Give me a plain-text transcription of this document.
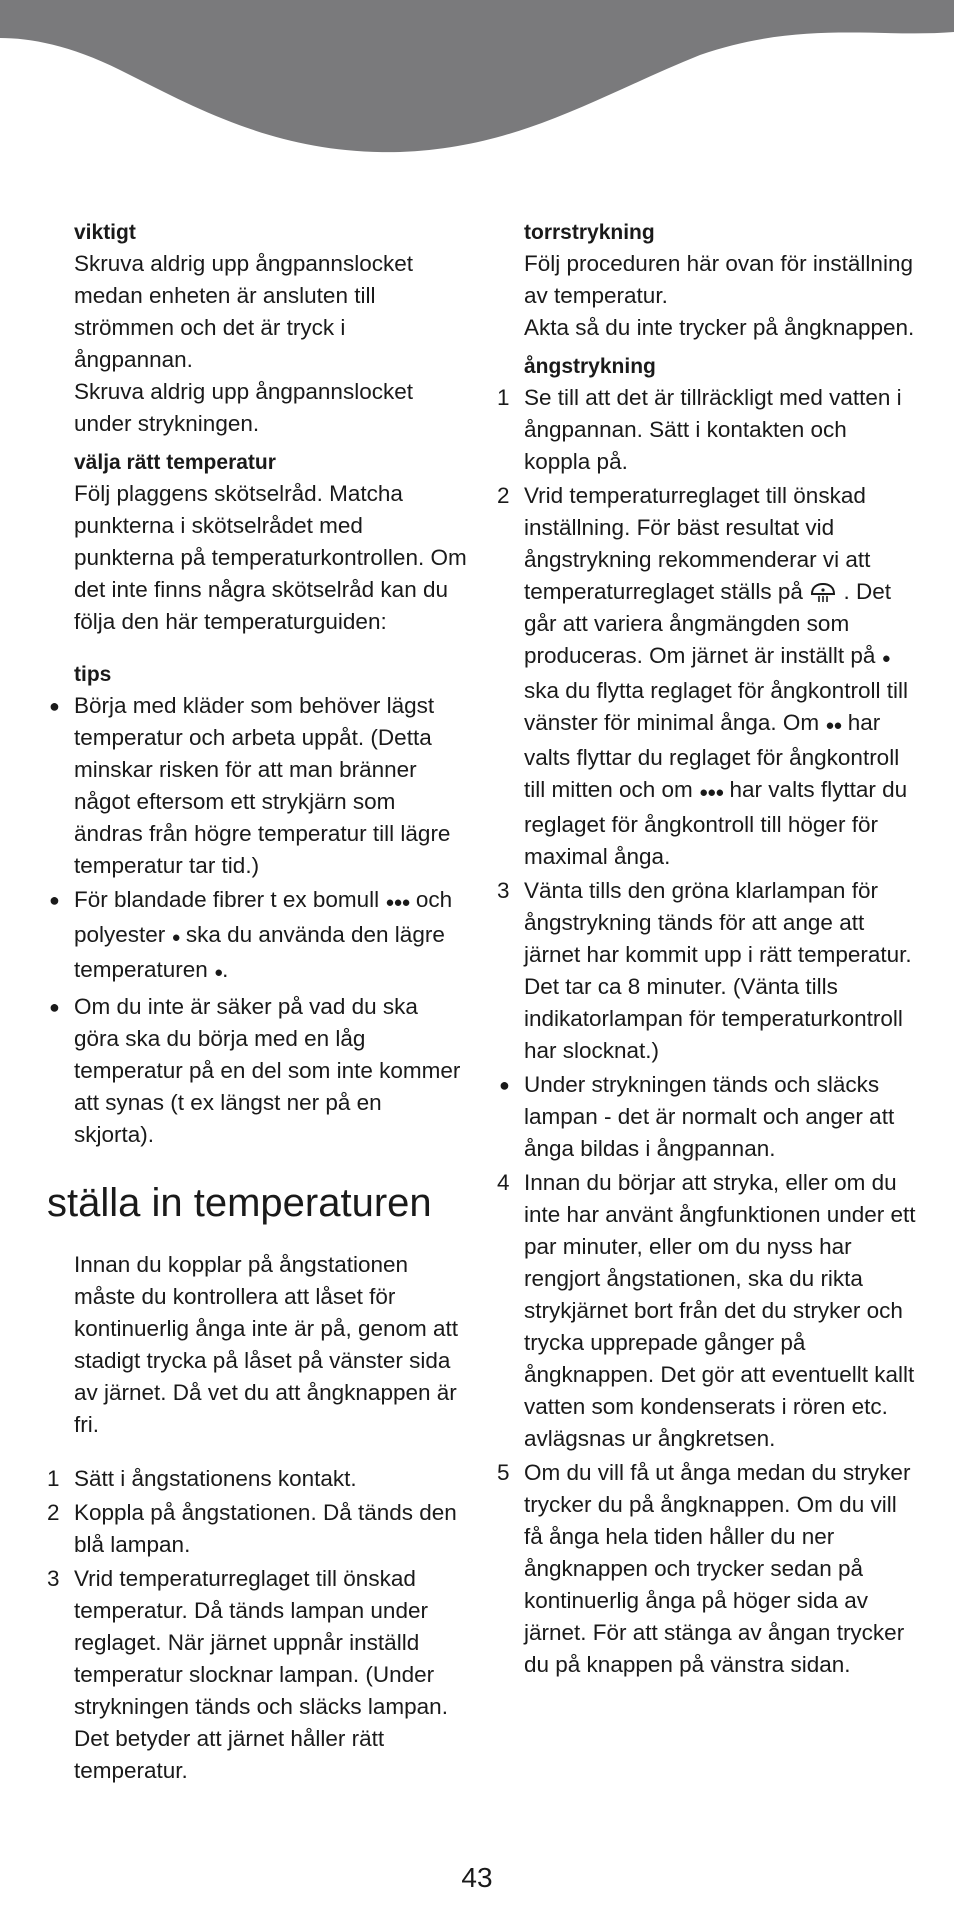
viktigt
Skruva aldrig upp ångpannslocket medan enheten är ansluten till strömmen och det är tryck i ångpannan.
Skruva aldrig upp ångpannslocket under strykningen.
välja rätt temperatur
Följ plaggens skötselråd. Matcha punkterna i skötselrådet med punkterna på temperaturkontrollen. Om det inte finns några skötselråd kan du följa den här temperaturguiden:
tips
● Börja med kläder som behöver lägst temperatur och arbeta uppåt. (Detta minskar risken för att man bränner något eftersom ett strykjärn som ändras från högre temperatur till lägre temperatur tar tid.)
● För blandade fibrer t ex bomull ●●● och polyester ● ska du använda den lägre temperaturen ●.
● Om du inte är säker på vad du ska göra ska du börja med en låg temperatur på en del som inte kommer att synas (t ex längst ner på en skjorta).
ställa in temperaturen
Innan du kopplar på ångstationen måste du kontrollera att låset för kontinuerlig ånga inte är på, genom att stadigt trycka på låset på vänster sida av järnet. Då vet du att ångknappen är fri.
1 Sätt i ångstationens kontakt.
2 Koppla på ångstationen. Då tänds den blå lampan.
3 Vrid temperaturreglaget till önskad temperatur. Då tänds lampan under reglaget. När järnet uppnår inställd temperatur slocknar lampan. (Under strykningen tänds och släcks lampan. Det betyder att järnet håller rätt temperatur.
torrstrykning
Följ proceduren här ovan för inställning av temperatur.
Akta så du inte trycker på ångknappen.
ångstrykning
1 Se till att det är tillräckligt med vatten i ångpannan. Sätt i kontakten och koppla på.
2 Vrid temperaturreglaget till önskad inställning. För bäst resultat vid ångstrykning rekommenderar vi att temperaturreglaget ställs på . Det går att variera ångmängden som produceras. Om järnet är inställt på ● ska du flytta reglaget för ångkontroll till vänster för minimal ånga. Om ●● har valts flyttar du reglaget för ångkontroll till mitten och om ●●● har valts flyttar du reglaget för ångkontroll till höger för maximal ånga.
3 Vänta tills den gröna klarlampan för ångstrykning tänds för att ange att järnet har kommit upp i rätt temperatur. Det tar ca 8 minuter. (Vänta tills indikatorlampan för temperaturkontroll har slocknat.)
● Under strykningen tänds och släcks lampan - det är normalt och anger att ånga bildas i ångpannan.
4 Innan du börjar att stryka, eller om du inte har använt ångfunktionen under ett par minuter, eller om du nyss har rengjort ångstationen, ska du rikta strykjärnet bort från det du stryker och trycka upprepade gånger på ångknappen. Det gör att eventuellt kallt vatten som kondenserats i rören etc. avlägsnas ur ångkretsen.
5 Om du vill få ut ånga medan du stryker trycker du på ångknappen. Om du vill få ånga hela tiden håller du ner ångknappen och trycker sedan på kontinuerlig ånga på höger sida av järnet. För att stänga av ångan trycker du på knappen på vänstra sidan.
43
